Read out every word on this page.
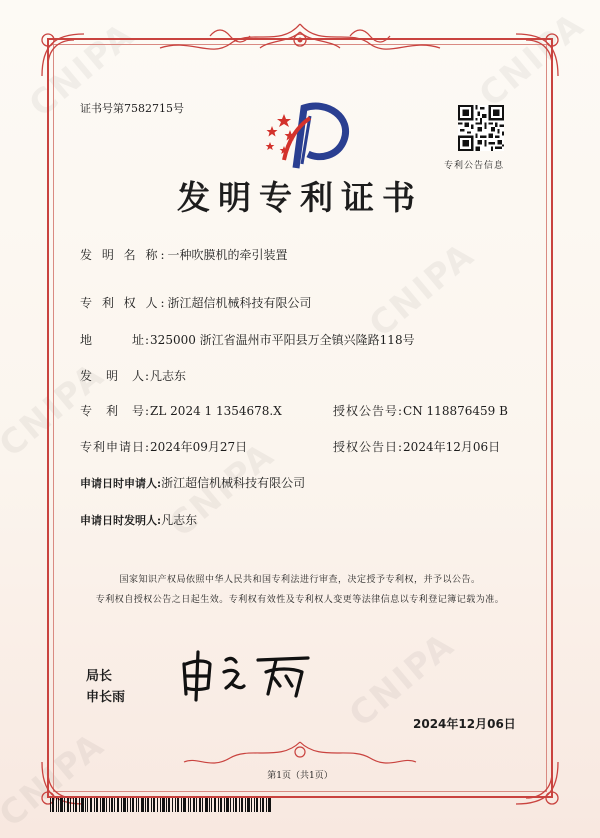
证书号第7582715号
专利公告信息
发明专利证书
发 明 名 称:一种吹膜机的牵引装置
专 利 权 人:浙江超信机械科技有限公司
地　　　址:325000 浙江省温州市平阳县万全镇兴隆路118号
发　明　人:凡志东
专　利　号:ZL 2024 1 1354678.X	授权公告号:CN 118876459 B
专利申请日:2024年09月27日	授权公告日:2024年12月06日
申请日时申请人:浙江超信机械科技有限公司
申请日时发明人:凡志东
国家知识产权局依照中华人民共和国专利法进行审查，决定授予专利权，并予以公告。
专利权自授权公告之日起生效。专利权有效性及专利权人变更等法律信息以专利登记簿记载为准。
局长
申长雨
2024年12月06日
第1页（共1页）
